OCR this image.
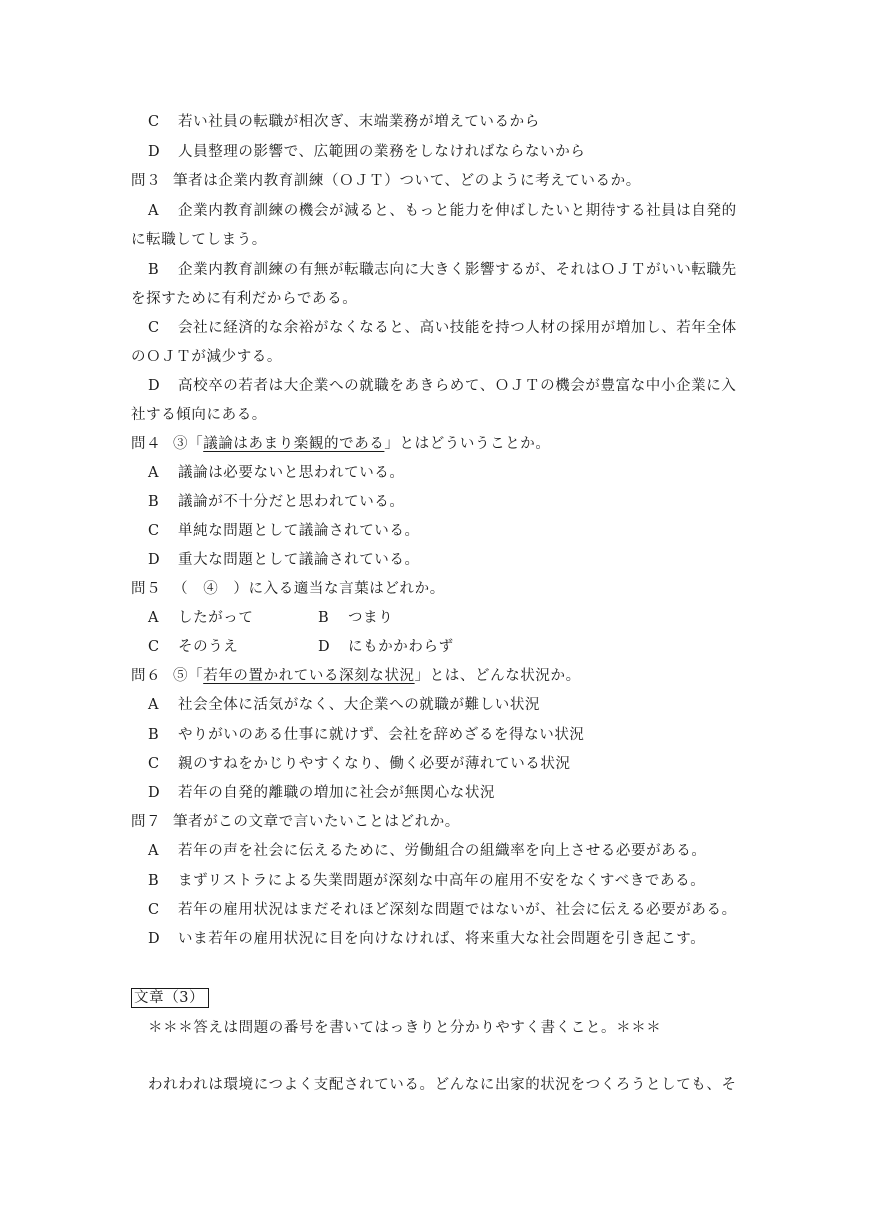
C 若い社員の転職が相次ぎ、末端業務が増えているから
D 人員整理の影響で、広範囲の業務をしなければならないから
問３ 筆者は企業内教育訓練（ＯＪＴ）ついて、どのように考えているか。
A 企業内教育訓練の機会が減ると、もっと能力を伸ばしたいと期待する社員は自発的
に転職してしまう。
B 企業内教育訓練の有無が転職志向に大きく影響するが、それはＯＪＴがいい転職先
を探すために有利だからである。
C 会社に経済的な余裕がなくなると、高い技能を持つ人材の採用が増加し、若年全体
のＯＪＴが減少する。
D 高校卒の若者は大企業への就職をあきらめて、ＯＪＴの機会が豊富な中小企業に入
社する傾向にある。
問４ ③「議論はあまり楽観的である」とはどういうことか。
A 議論は必要ないと思われている。
B 議論が不十分だと思われている。
C 単純な問題として議論されている。
D 重大な問題として議論されている。
問５ （　④　）に入る適当な言葉はどれか。
A したがって	B つまり
C そのうえ	D にもかかわらず
問６ ⑤「若年の置かれている深刻な状況」とは、どんな状況か。
A 社会全体に活気がなく、大企業への就職が難しい状況
B やりがいのある仕事に就けず、会社を辞めざるを得ない状況
C 親のすねをかじりやすくなり、働く必要が薄れている状況
D 若年の自発的離職の増加に社会が無関心な状況
問７ 筆者がこの文章で言いたいことはどれか。
A 若年の声を社会に伝えるために、労働組合の組織率を向上させる必要がある。
B まずリストラによる失業問題が深刻な中高年の雇用不安をなくすべきである。
C 若年の雇用状況はまだそれほど深刻な問題ではないが、社会に伝える必要がある。
D いま若年の雇用状況に目を向けなければ、将来重大な社会問題を引き起こす。
文章（3）
＊＊＊答えは問題の番号を書いてはっきりと分かりやすく書くこと。＊＊＊
われわれは環境につよく支配されている。どんなに出家的状況をつくろうとしても、そ
